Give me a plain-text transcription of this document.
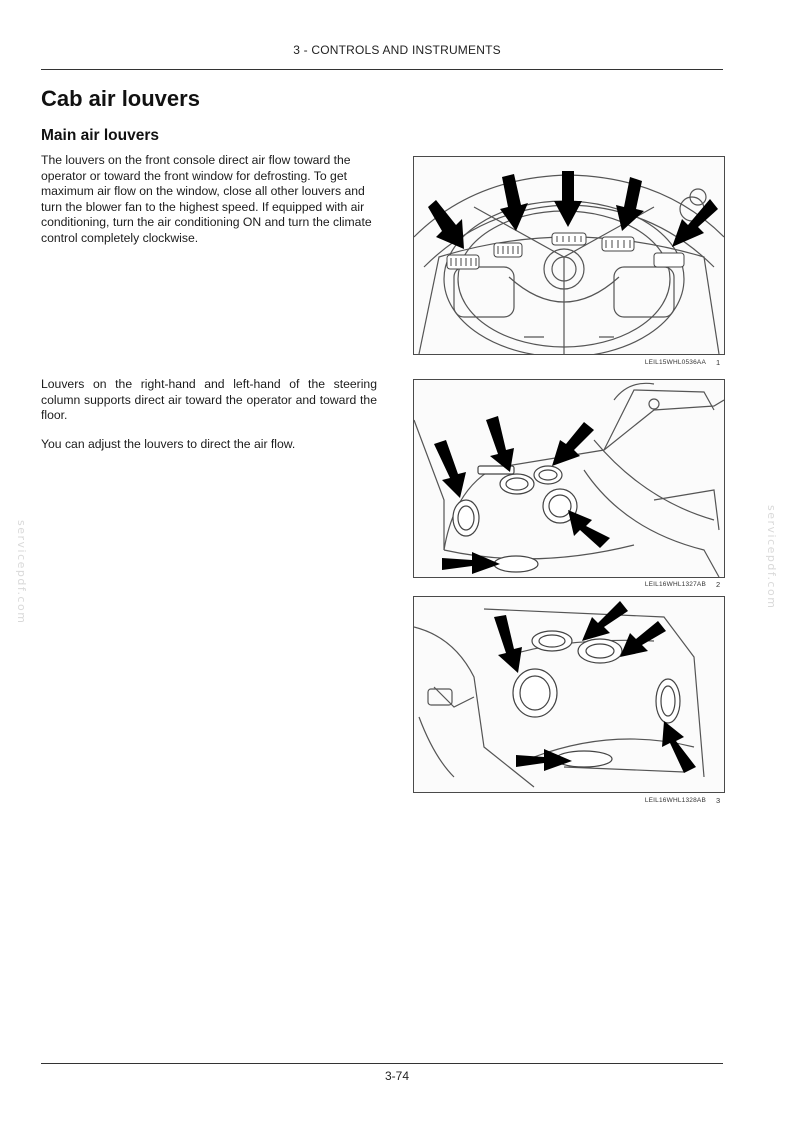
3 - CONTROLS AND INSTRUMENTS
Cab air louvers
Main air louvers

The louvers on the front console direct air flow toward the operator or toward the front window for defrosting. To get maximum air flow on the window, close all other louvers and turn the blower fan to the highest speed. If equipped with air conditioning, turn the air conditioning ON and turn the climate control completely clockwise.

Louvers on the right-hand and left-hand of the steering column supports direct air toward the operator and toward the floor.

You can adjust the louvers to direct the air flow.

LEIL15WHL0536AA 1
LEIL16WHL1327AB 2
LEIL16WHL1328AB 3
servicepdf.com	servicepdf.com
3-74
